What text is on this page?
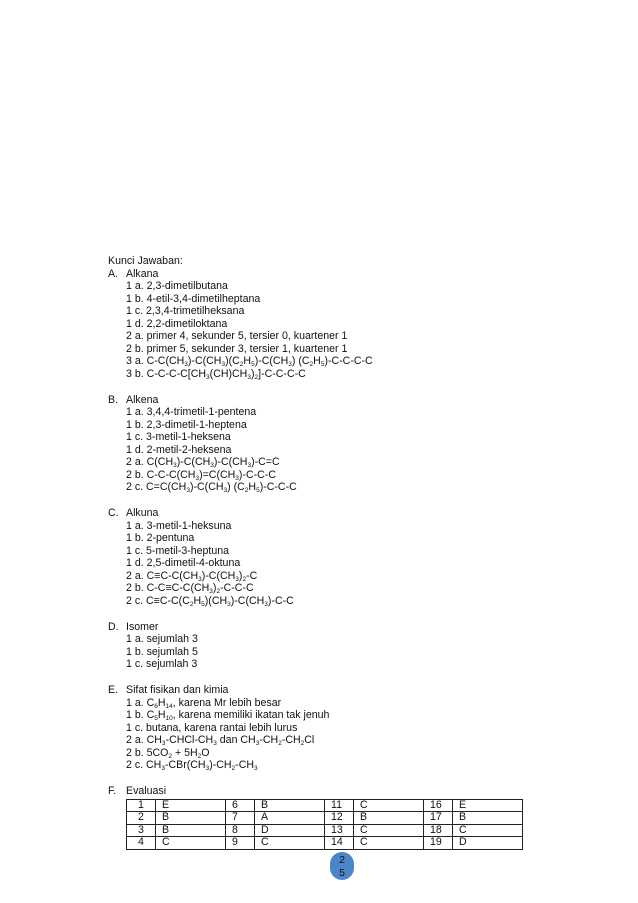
Kunci Jawaban:
A. Alkana
1 a. 2,3-dimetilbutana
1 b. 4-etil-3,4-dimetilheptana
1 c. 2,3,4-trimetilheksana
1 d. 2,2-dimetiloktana
2 a. primer 4, sekunder 5, tersier 0, kuartener 1
2 b. primer 5, sekunder 3, tersier 1, kuartener 1
3 a. $C-C(CH_3)-C(CH_3)(C_2H_5)-C(CH_3)$ $(C_2H_5)-C-C-C-C$
3 b. $C-C-C-C[CH_3(CH)CH_3)_2]-C-C-C-C$
B. Alkena
1 a. 3,4,4-trimetil-1-pentena
1 b. 2,3-dimetil-1-heptena
1 c. 3-metil-1-heksena
1 d. 2-metil-2-heksena
2 a. $C(CH_3)-C(CH_3)-C(CH_3)-C=C$
2 b. $C-C-C(CH_3)=C(CH_3)-C-C-C$
2 c. $C=C(CH_3)-C(CH_3)$ $(C_2H_5)-C-C-C$
C. Alkuna
1 a. 3-metil-1-heksuna
1 b. 2-pentuna
1 c. 5-metil-3-heptuna
1 d. 2,5-dimetil-4-oktuna
2 a. $C\equiv C-C(CH_3)-C(CH_3)_2-C$
2 b. $C-C\equiv C-C(CH_3)_2-C-C-C$
2 c. $C\equiv C-C(C_2H_5)(CH_3)-C(CH_3)-C-C$
D. Isomer
1 a. sejumlah 3
1 b. sejumlah 5
1 c. sejumlah 3
E. Sifat fisikan dan kimia
1 a. $C_6H_{14}$, karena Mr lebih besar
1 b. $C_5H_{10}$, karena memiliki ikatan tak jenuh
1 c. butana, karena rantai lebih lurus
2 a. $CH_3-CHCl-CH_3$ dan $CH_3-CH_2-CH_2Cl$
2 b. $5CO_2 + 5H_2O$
2 c. $CH_3-CBr(CH_3)-CH_2-CH_3$
F. Evaluasi
1	E	6	B	11	C	16	E
2	B	7	A	12	B	17	B
3	B	8	D	13	C	18	C
4	C	9	C	14	C	19	D
2
5
